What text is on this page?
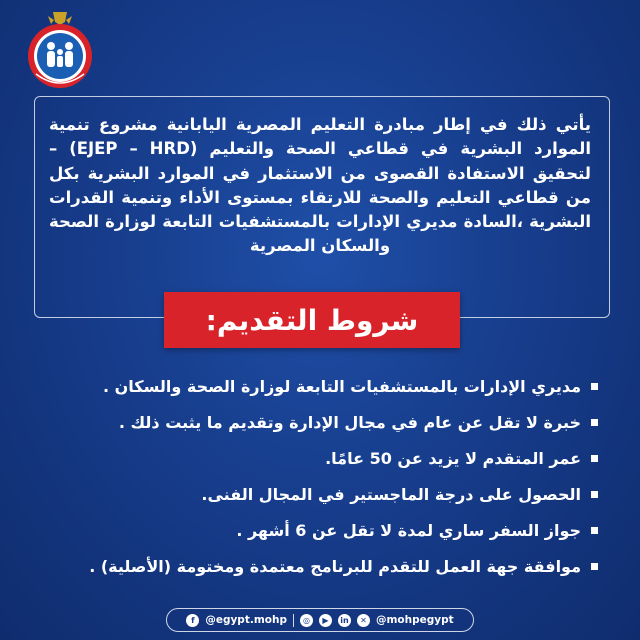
يأتي ذلك في إطار مبادرة التعليم المصرية اليابانية مشروع تنمية الموارد البشرية في قطاعي الصحة والتعليم (EJEP – HRD) – لتحقيق الاستفادة القصوى من الاستثمار في الموارد البشرية بكل من قطاعي التعليم والصحة للارتقاء بمستوى الأداء وتنمية القدرات البشرية ،السادة مديري الإدارات بالمستشفيات التابعة لوزارة الصحة والسكان المصرية

شروط التقديم:
مديري الإدارات بالمستشفيات التابعة لوزارة الصحة والسكان .
خبرة لا تقل عن عام في مجال الإدارة وتقديم ما يثبت ذلك .
عمر المتقدم لا يزيد عن 50 عامًا.
الحصول على درجة الماجستير في المجال الفنى.
جواز السفر ساري لمدة لا تقل عن 6 أشهر .
موافقة جهة العمل للتقدم للبرنامج معتمدة ومختومة (الأصلية) .
f	@egypt.mohp	◎	▶	in	✕ @mohpegypt
